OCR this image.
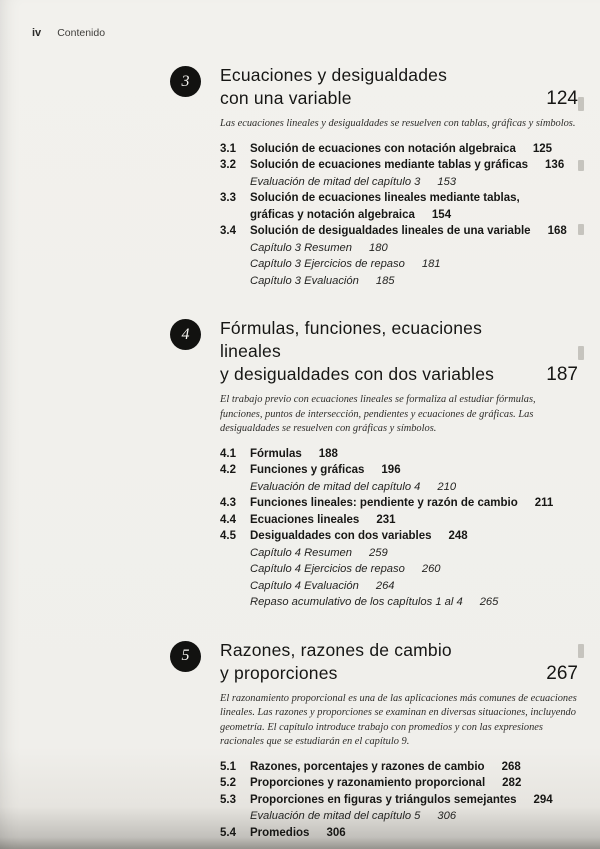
iv Contenido
3 Ecuaciones y desigualdades
con una variable	124

Las ecuaciones lineales y desigualdades se resuelven con tablas, gráficas y símbolos.

3.1 Solución de ecuaciones con notación algebraica 125
3.2 Solución de ecuaciones mediante tablas y gráficas 136
Evaluación de mitad del capítulo 3 153
3.3 Solución de ecuaciones lineales mediante tablas,
gráficas y notación algebraica 154
3.4 Solución de desigualdades lineales de una variable 168
Capítulo 3 Resumen 180
Capítulo 3 Ejercicios de repaso 181
Capítulo 3 Evaluación 185
4 Fórmulas, funciones, ecuaciones lineales
y desigualdades con dos variables	187

El trabajo previo con ecuaciones lineales se formaliza al estudiar fórmulas, funciones, puntos de intersección, pendientes y ecuaciones de gráficas. Las desigualdades se resuelven con gráficas y símbolos.

4.1 Fórmulas 188
4.2 Funciones y gráficas 196
Evaluación de mitad del capítulo 4 210
4.3 Funciones lineales: pendiente y razón de cambio 211
4.4 Ecuaciones lineales 231
4.5 Desigualdades con dos variables 248
Capítulo 4 Resumen 259
Capítulo 4 Ejercicios de repaso 260
Capítulo 4 Evaluación 264
Repaso acumulativo de los capítulos 1 al 4 265
5 Razones, razones de cambio
y proporciones	267

El razonamiento proporcional es una de las aplicaciones más comunes de ecuaciones lineales. Las razones y proporciones se examinan en diversas situaciones, incluyendo geometría. El capítulo introduce trabajo con promedios y con las expresiones racionales que se estudiarán en el capítulo 9.

5.1 Razones, porcentajes y razones de cambio 268
5.2 Proporciones y razonamiento proporcional 282
5.3 Proporciones en figuras y triángulos semejantes 294
Evaluación de mitad del capítulo 5 306
5.4 Promedios 306
